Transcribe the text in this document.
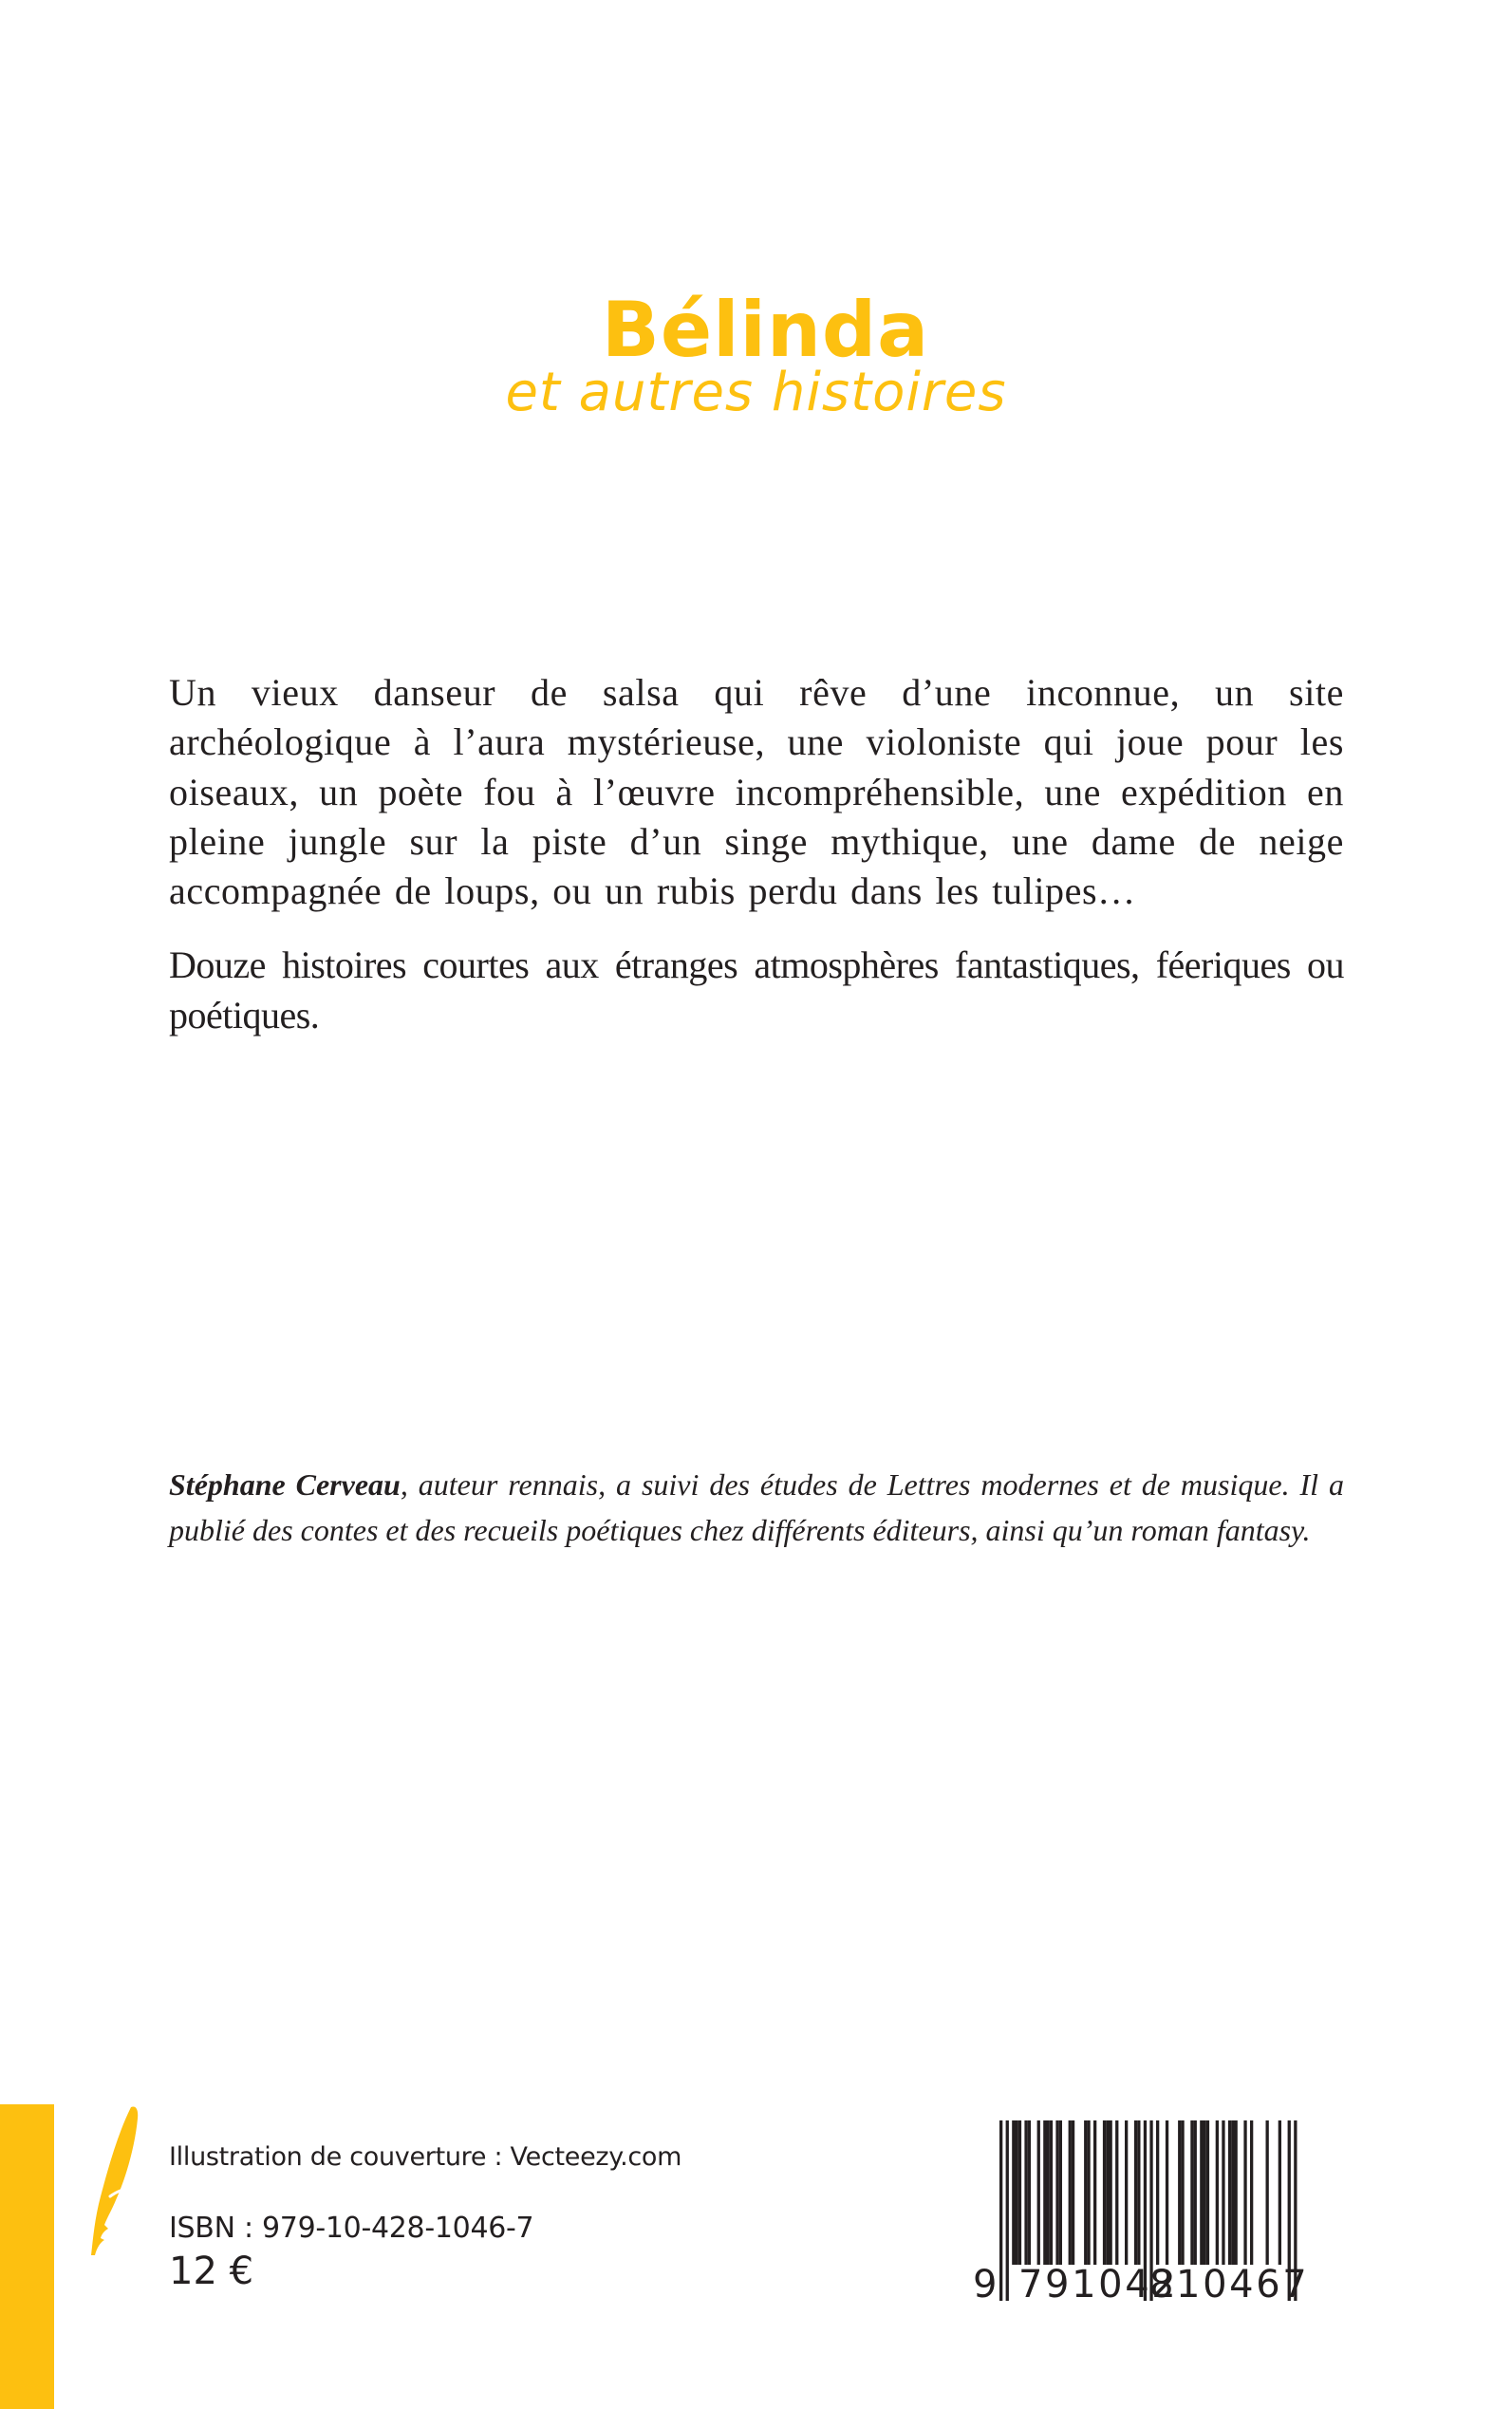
Bélinda
et autres histoires

Un vieux danseur de salsa qui rêve d’une inconnue, un site archéologique à l’aura mystérieuse, une violoniste qui joue pour les oiseaux, un poète fou à l’œuvre incompréhensible, une expédition en pleine jungle sur la piste d’un singe mythique, une dame de neige accompagnée de loups, ou un rubis perdu dans les tulipes…

Douze histoires courtes aux étranges atmosphères fantastiques, féeriques ou poétiques.

Stéphane Cerveau, auteur rennais, a suivi des études de Lettres modernes et de musique. Il a publié des contes et des recueils poétiques chez différents éditeurs, ainsi qu’un roman fantasy.

Illustration de couverture : Vecteezy.com
ISBN : 979-10-428-1046-7
12 €	9 791042
810467
